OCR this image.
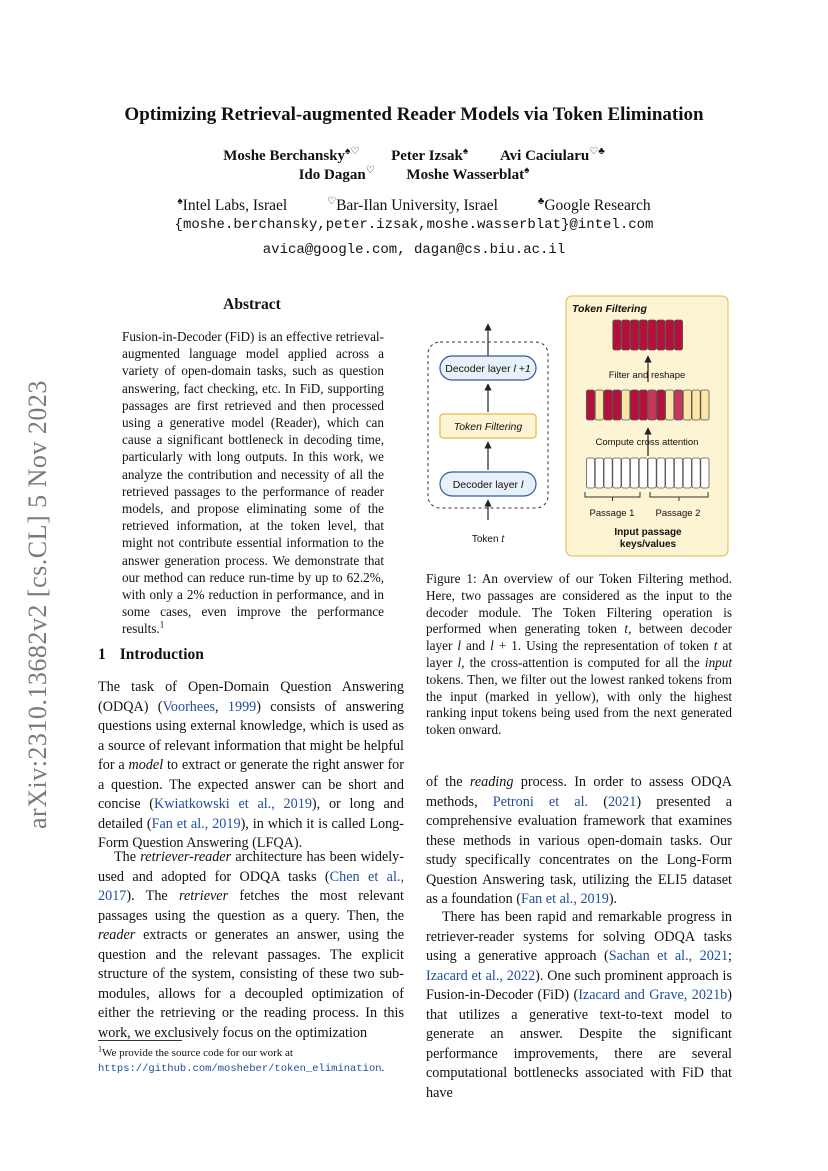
arXiv:2310.13682v2 [cs.CL] 5 Nov 2023
Optimizing Retrieval-augmented Reader Models via Token Elimination
Moshe Berchansky♠♡ Peter Izsak♠ Avi Caciularu♡♣
Ido Dagan♡ Moshe Wasserblat♠
♠Intel Labs, Israel	♡Bar-Ilan University, Israel	♣Google Research
{moshe.berchansky,peter.izsak,moshe.wasserblat}@intel.com
avica@google.com, dagan@cs.biu.ac.il
Abstract
Fusion-in-Decoder (FiD) is an effective retrieval-augmented language model applied across a variety of open-domain tasks, such as question answering, fact checking, etc. In FiD, supporting passages are first retrieved and then processed using a generative model (Reader), which can cause a significant bottleneck in decoding time, particularly with long outputs. In this work, we analyze the contribution and necessity of all the retrieved passages to the performance of reader models, and propose eliminating some of the retrieved information, at the token level, that might not contribute essential information to the answer generation process. We demonstrate that our method can reduce run-time by up to 62.2%, with only a 2% reduction in performance, and in some cases, even improve the performance results.$^1$
1 Introduction
The task of Open-Domain Question Answering (ODQA) (Voorhees, 1999) consists of answering questions using external knowledge, which is used as a source of relevant information that might be helpful for a model to extract or generate the right answer for a question. The expected answer can be short and concise (Kwiatkowski et al., 2019), or long and detailed (Fan et al., 2019), in which it is called Long-Form Question Answering (LFQA).
The retriever-reader architecture has been widely-used and adopted for ODQA tasks (Chen et al., 2017). The retriever fetches the most relevant passages using the question as a query. Then, the reader extracts or generates an answer, using the question and the relevant passages. The explicit structure of the system, consisting of these two sub-modules, allows for a decoupled optimization of either the retrieving or the reading process. In this work, we exclusively focus on the optimization
$^1$We provide the source code for our work at https://github.com/mosheber/token_elimination.
Decoder layer l +1
Token Filtering
Decoder layer l
Token t
Token Filtering
Filter and reshape
Compute cross attention
Passage 1 Passage 2
Input passage
keys/values
Figure 1: An overview of our Token Filtering method. Here, two passages are considered as the input to the decoder module. The Token Filtering operation is performed when generating token t, between decoder layer l and l + 1. Using the representation of token t at layer l, the cross-attention is computed for all the input tokens. Then, we filter out the lowest ranked tokens from the input (marked in yellow), with only the highest ranking input tokens being used from the next generated token onward.
of the reading process. In order to assess ODQA methods, Petroni et al. (2021) presented a comprehensive evaluation framework that examines these methods in various open-domain tasks. Our study specifically concentrates on the Long-Form Question Answering task, utilizing the ELI5 dataset as a foundation (Fan et al., 2019).
There has been rapid and remarkable progress in retriever-reader systems for solving ODQA tasks using a generative approach (Sachan et al., 2021; Izacard et al., 2022). One such prominent approach is Fusion-in-Decoder (FiD) (Izacard and Grave, 2021b) that utilizes a generative text-to-text model to generate an answer. Despite the significant performance improvements, there are several computational bottlenecks associated with FiD that have
